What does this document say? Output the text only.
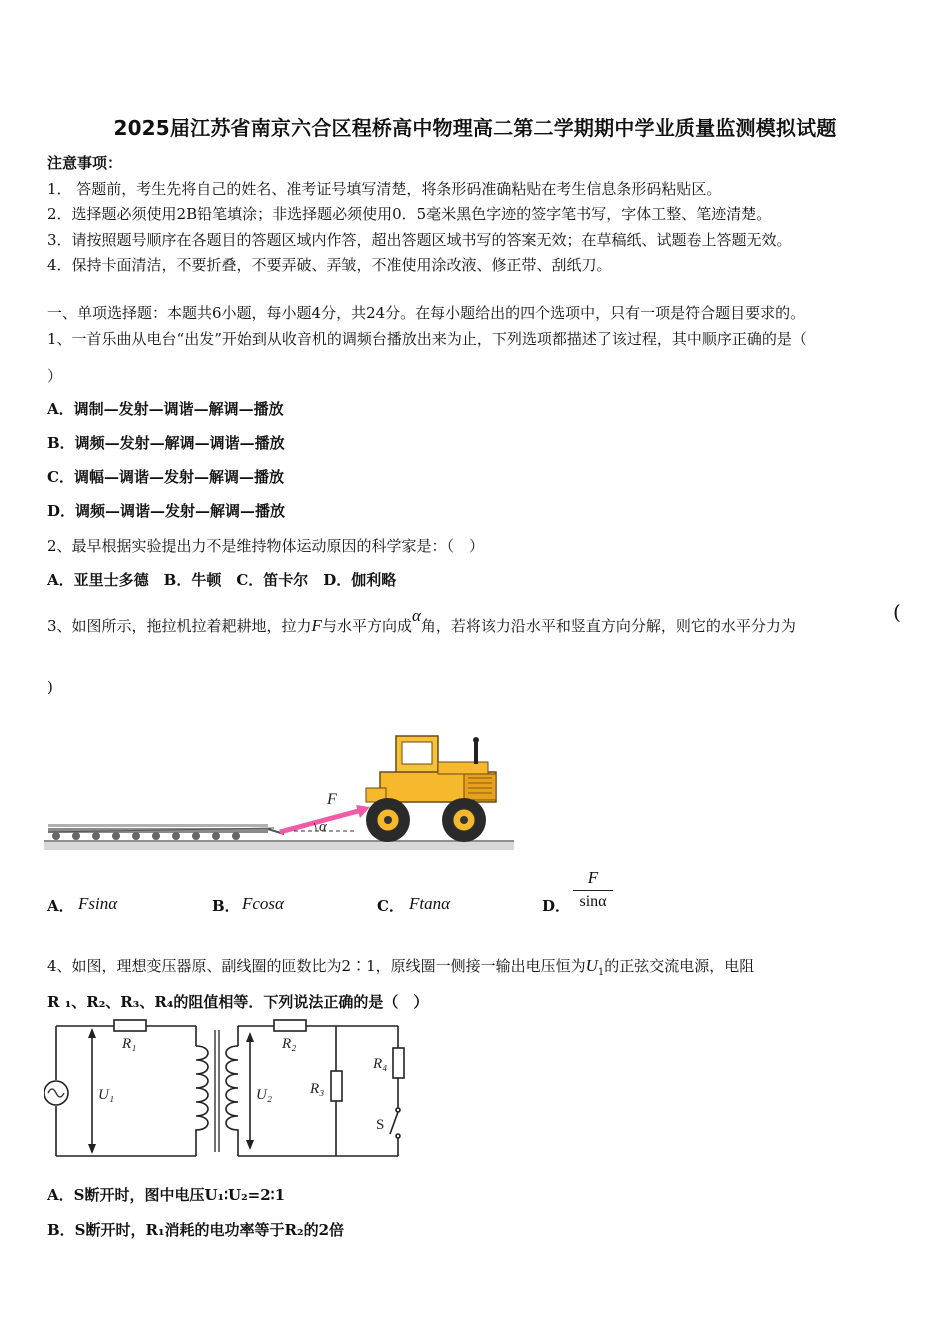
2025届江苏省南京六合区程桥高中物理高二第二学期期中学业质量监测模拟试题
注意事项：
1． 答题前，考生先将自己的姓名、准考证号填写清楚，将条形码准确粘贴在考生信息条形码粘贴区。
2．选择题必须使用2B铅笔填涂；非选择题必须使用0．5毫米黑色字迹的签字笔书写，字体工整、笔迹清楚。
3．请按照题号顺序在各题目的答题区域内作答，超出答题区域书写的答案无效；在草稿纸、试题卷上答题无效。
4．保持卡面清洁，不要折叠，不要弄破、弄皱，不准使用涂改液、修正带、刮纸刀。
一、单项选择题：本题共6小题，每小题4分，共24分。在每小题给出的四个选项中，只有一项是符合题目要求的。
1、一首乐曲从电台“出发”开始到从收音机的调频台播放出来为止，下列选项都描述了该过程，其中顺序正确的是（
）
A．调制—发射—调谐—解调—播放
B．调频—发射—解调—调谐—播放
C．调幅—调谐—发射—解调—播放
D．调频—调谐—发射—解调—播放
2、最早根据实验提出力不是维持物体运动原因的科学家是：（　）
A．亚里士多德　B．牛顿　C．笛卡尔　D．伽利略
3、如图所示，拖拉机拉着耙耕地，拉力F与水平方向成α角，若将该力沿水平和竖直方向分解，则它的水平分力为
(
)
F
α
A． Fsinα	B． Fcosα	C． Ftanα	D．
F
sinα
4、如图，理想变压器原、副线圈的匝数比为2∶1，原线圈一侧接一输出电压恒为$U_1$的正弦交流电源，电阻
R ₁、R₂、R₃、R₄的阻值相等．下列说法正确的是（　）
R₁	R₂
R₃
R₄
U₁	U₂
S
A．S断开时，图中电压U₁∶U₂=2∶1
B．S断开时，R₁消耗的电功率等于R₂的2倍
